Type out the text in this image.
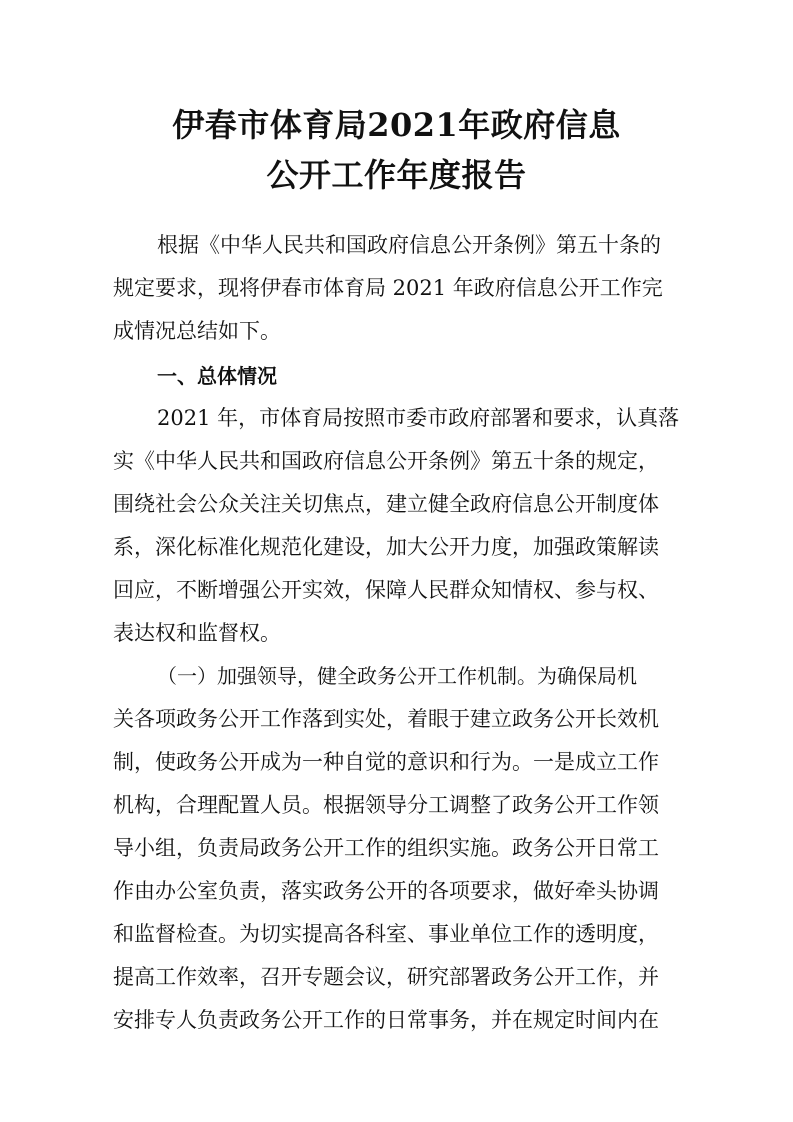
伊春市体育局2021年政府信息
公开工作年度报告
根据《中华人民共和国政府信息公开条例》第五十条的
规定要求，现将伊春市体育局 2021 年政府信息公开工作完
成情况总结如下。
一、总体情况
2021 年，市体育局按照市委市政府部署和要求，认真落
实《中华人民共和国政府信息公开条例》第五十条的规定，
围绕社会公众关注关切焦点，建立健全政府信息公开制度体
系，深化标准化规范化建设，加大公开力度，加强政策解读
回应，不断增强公开实效，保障人民群众知情权、参与权、
表达权和监督权。
（一）加强领导，健全政务公开工作机制。为确保局机
关各项政务公开工作落到实处，着眼于建立政务公开长效机
制，使政务公开成为一种自觉的意识和行为。一是成立工作
机构，合理配置人员。根据领导分工调整了政务公开工作领
导小组，负责局政务公开工作的组织实施。政务公开日常工
作由办公室负责，落实政务公开的各项要求，做好牵头协调
和监督检查。为切实提高各科室、事业单位工作的透明度，
提高工作效率，召开专题会议，研究部署政务公开工作，并
安排专人负责政务公开工作的日常事务，并在规定时间内在
